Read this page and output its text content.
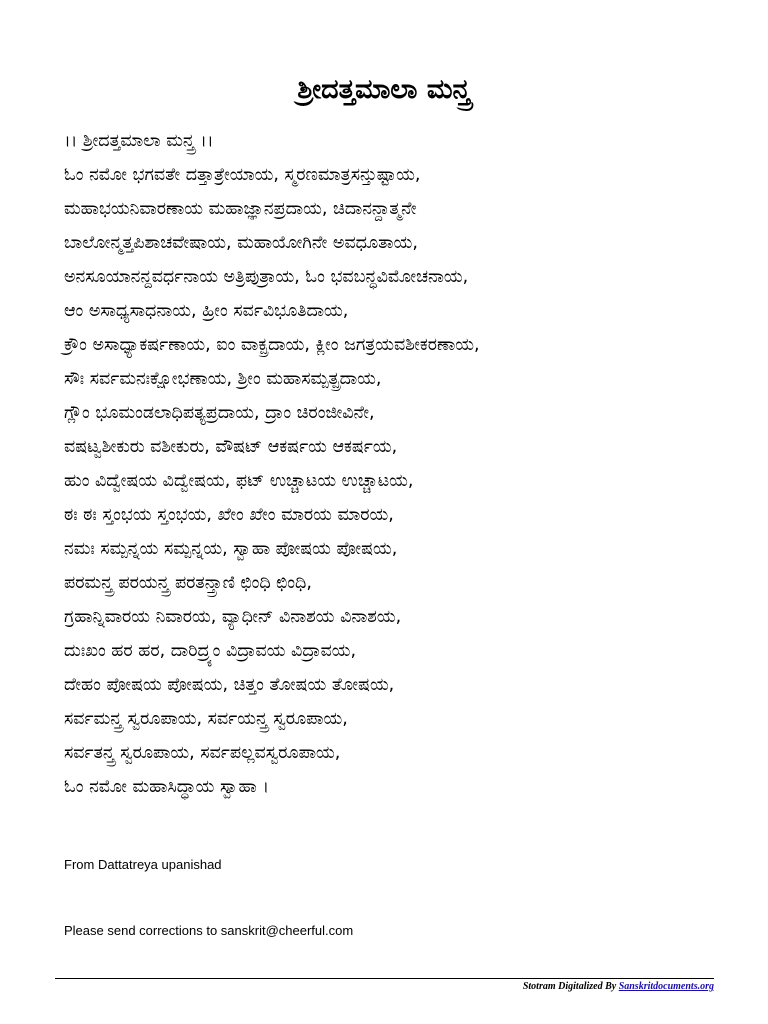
ಶ್ರೀದತ್ತಮಾಲಾ ಮನ್ತ್ರ
।। ಶ್ರೀದತ್ತಮಾಲಾ ಮನ್ತ್ರ ।।
ಓಂ ನಮೋ ಭಗವತೇ ದತ್ತಾತ್ರೇಯಾಯ, ಸ್ಮರಣಮಾತ್ರಸನ್ತುಷ್ಟಾಯ,
ಮಹಾಭಯನಿವಾರಣಾಯ ಮಹಾಜ್ಞಾನಪ್ರದಾಯ, ಚಿದಾನನ್ದಾತ್ಮನೇ
ಬಾಲೋನ್ಮತ್ತಪಿಶಾಚವೇಷಾಯ, ಮಹಾಯೋಗಿನೇ ಅವಧೂತಾಯ,
ಅನಸೂಯಾನನ್ದವರ್ಧನಾಯ ಅತ್ರಿಪುತ್ರಾಯ, ಓಂ ಭವಬನ್ಧವಿಮೋಚನಾಯ,
ಆಂ ಅಸಾಧ್ಯಸಾಧನಾಯ, ಹ್ರೀಂ ಸರ್ವವಿಭೂತಿದಾಯ,
ಕ್ರೌಂ ಅಸಾಧ್ಯಾಕರ್ಷಣಾಯ, ಐಂ ವಾಕ್ಪ್ರದಾಯ, ಕ್ಲೀಂ ಜಗತ್ರಯವಶೀಕರಣಾಯ,
ಸೌಃ ಸರ್ವಮನಃಕ್ಷೋಭಣಾಯ, ಶ್ರೀಂ ಮಹಾಸಮ್ಪತ್ಪ್ರದಾಯ,
ಗ್ಲೌಂ ಭೂಮಂಡಲಾಧಿಪತ್ಯಪ್ರದಾಯ, ದ್ರಾಂ ಚಿರಂಜೀವಿನೇ,
ವಷಟ್ವಶೀಕುರು ವಶೀಕುರು, ವೌಷಟ್ ಆಕರ್ಷಯ ಆಕರ್ಷಯ,
ಹುಂ ವಿದ್ವೇಷಯ ವಿದ್ವೇಷಯ, ಫಟ್ ಉಚ್ಚಾಟಯ ಉಚ್ಚಾಟಯ,
ಠಃ ಠಃ ಸ್ತಂಭಯ ಸ್ತಂಭಯ, ಖೇಂ ಖೇಂ ಮಾರಯ ಮಾರಯ,
ನಮಃ ಸಮ್ಪನ್ನಯ ಸಮ್ಪನ್ನಯ, ಸ್ವಾಹಾ ಪೋಷಯ ಪೋಷಯ,
ಪರಮನ್ತ್ರ ಪರಯನ್ತ್ರ ಪರತನ್ತ್ರಾಣಿ ಛಿಂಧಿ ಛಿಂಧಿ,
ಗ್ರಹಾನ್ನಿವಾರಯ ನಿವಾರಯ, ವ್ಯಾಧೀನ್ ವಿನಾಶಯ ವಿನಾಶಯ,
ದುಃಖಂ ಹರ ಹರ, ದಾರಿದ್ರ್ಯಂ ವಿದ್ರಾವಯ ವಿದ್ರಾವಯ,
ದೇಹಂ ಪೋಷಯ ಪೋಷಯ, ಚಿತ್ತಂ ತೋಷಯ ತೋಷಯ,
ಸರ್ವಮನ್ತ್ರ ಸ್ವರೂಪಾಯ, ಸರ್ವಯನ್ತ್ರ ಸ್ವರೂಪಾಯ,
ಸರ್ವತನ್ತ್ರ ಸ್ವರೂಪಾಯ, ಸರ್ವಪಲ್ಲವಸ್ವರೂಪಾಯ,
ಓಂ ನಮೋ ಮಹಾಸಿದ್ಧಾಯ ಸ್ವಾಹಾ ।

From Dattatreya upanishad

Please send corrections to sanskrit@cheerful.com

Stotram Digitalized By Sanskritdocuments.org
